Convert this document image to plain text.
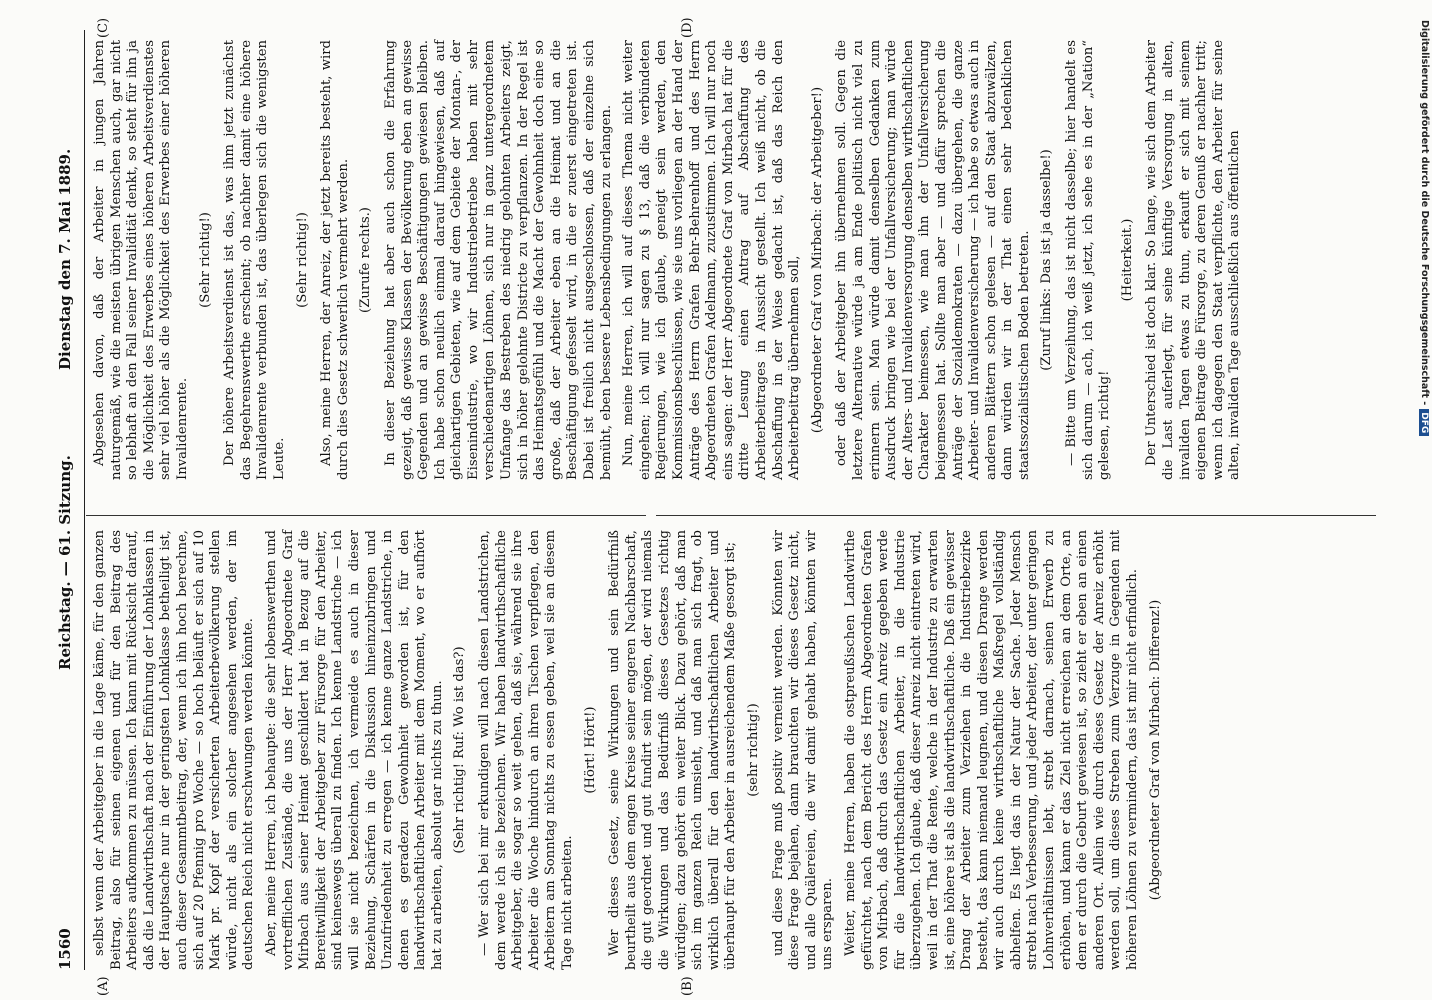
1560
Reichstag. — 61. Sitzung.
Dienstag den 7. Mai 1889.
(A)	(B)
(C)	(D)

selbst wenn der Arbeitgeber in die Lage käme, für den ganzen Beitrag, also für seinen eigenen und für den Beitrag des Arbeiters aufkommen zu müssen. Ich kann mit Rücksicht darauf, daß die Landwirthschaft nach der Einführung der Lohnklassen in der Hauptsache nur in der geringsten Lohnklasse betheiligt ist, auch dieser Gesammtbeitrag, der, wenn ich ihn hoch berechne, sich auf 20 Pfennig pro Woche — so hoch beläuft er sich auf 10 Mark pr. Kopf der versicherten Arbeiterbevölkerung stellen würde, nicht als ein solcher angesehen werden, der im deutschen Reich nicht erschwungen werden könnte. Aber, meine Herren, ich behaupte: die sehr lobenswerthen und vortrefflichen Zustände, die uns der Herr Abgeordnete Graf Mirbach aus seiner Heimat geschildert hat in Bezug auf die Bereitwilligkeit der Arbeitgeber zur Fürsorge für den Arbeiter, sind keineswegs überall zu finden. Ich kenne Landstriche — ich will sie nicht bezeichnen, ich vermeide es auch in dieser Beziehung, Schärfen in die Diskussion hineinzubringen und Unzufriedenheit zu erregen — ich kenne ganze Landstriche, in denen es geradezu Gewohnheit geworden ist, für den landwirthschaftlichen Arbeiter mit dem Moment, wo er aufhört hat zu arbeiten, absolut gar nichts zu thun. (Sehr richtig! Ruf: Wo ist das?) — Wer sich bei mir erkundigen will nach diesen Landstrichen, dem werde ich sie bezeichnen. Wir haben landwirthschaftliche Arbeitgeber, die sogar so weit gehen, daß sie, während sie ihre Arbeiter die Woche hindurch an ihren Tischen verpflegen, den Arbeitern am Sonntag nichts zu essen geben, weil sie an diesem Tage nicht arbeiten.

(Hört! Hört!) Wer dieses Gesetz, seine Wirkungen und sein Bedürfniß beurtheilt aus dem engen Kreise seiner engeren Nachbarschaft, die gut geordnet und gut fundirt sein mögen, der wird niemals die Wirkungen und das Bedürfniß dieses Gesetzes richtig würdigen; dazu gehört ein weiter Blick. Dazu gehört, daß man sich im ganzen Reich umsieht, und daß man sich fragt, ob wirklich überall für den landwirthschaftlichen Arbeiter und überhaupt für den Arbeiter in ausreichendem Maße gesorgt ist; (sehr richtig!) und diese Frage muß positiv verneint werden. Könnten wir diese Frage bejahen, dann brauchten wir dieses Gesetz nicht, und alle Quälereien, die wir damit gehabt haben, könnten wir uns ersparen. Weiter, meine Herren, haben die ostpreußischen Landwirthe gefürchtet, nach dem Bericht des Herrn Abgeordneten Grafen von Mirbach, daß durch das Gesetz ein Anreiz gegeben werde für die landwirthschaftlichen Arbeiter, in die Industrie überzugehen. Ich glaube, daß dieser Anreiz nicht eintreten wird, weil in der That die Rente, welche in der Industrie zu erwarten ist, eine höhere ist als die landwirthschaftliche. Daß ein gewisser Drang der Arbeiter zum Verziehen in die Industriebezirke besteht, das kann niemand leugnen, und diesen Drange werden wir auch durch keine wirthschaftliche Maßregel vollständig abhelfen. Es liegt das in der Natur der Sache. Jeder Mensch strebt nach Verbesserung, und jeder Arbeiter, der unter geringen Lohnverhältnissen lebt, strebt darnach, seinen Erwerb zu erhöhen, und kann er das Ziel nicht erreichen an dem Orte, an dem er durch die Geburt gewiesen ist, so zieht er eben an einen anderen Ort. Allein wie durch dieses Gesetz der Anreiz erhöht werden soll, um dieses Streben zum Verzuge in Gegenden mit höheren Löhnen zu vermindern, das ist mir nicht erfindlich. (Abgeordneter Graf von Mirbach: Differenz!)

Abgesehen davon, daß der Arbeiter in jungen Jahren naturgemäß, wie die meisten übrigen Menschen auch, gar nicht so lebhaft an den Fall seiner Invalidität denkt, so steht für ihn ja die Möglichkeit des Erwerbes eines höheren Arbeitsverdienstes sehr viel höher als die Möglichkeit des Erwerbes einer höheren Invalidenrente.

(Sehr richtig!) Der höhere Arbeitsverdienst ist das, was ihm jetzt zunächst das Begehrenswerthe erscheint; ob nachher damit eine höhere Invalidenrente verbunden ist, das überlegen sich die wenigsten Leute.

(Sehr richtig!) Also, meine Herren, der Anreiz, der jetzt bereits besteht, wird durch dies Gesetz schwerlich vermehrt werden. (Zurufe rechts.) In dieser Beziehung hat aber auch schon die Erfahrung gezeigt, daß gewisse Klassen der Bevölkerung eben an gewisse Gegenden und an gewisse Beschäftigungen gewiesen bleiben. Ich habe schon neulich einmal darauf hingewiesen, daß auf gleichartigen Gebieten, wie auf dem Gebiete der Montan-, der Eisenindustrie, wo wir Industriebetriebe haben mit sehr verschiedenartigen Löhnen, sich nur in ganz untergeordnetem Umfange das Bestreben des niedrig gelohnten Arbeiters zeigt, sich in höher gelohnte Districte zu verpflanzen. In der Regel ist das Heimatsgefühl und die Macht der Gewohnheit doch eine so große, daß der Arbeiter eben an die Heimat und an die Beschäftigung gefesselt wird, in die er zuerst eingetreten ist. Dabei ist freilich nicht ausgeschlossen, daß der einzelne sich bemüht, eben bessere Lebensbedingungen zu erlangen. Nun, meine Herren, ich will auf dieses Thema nicht weiter eingehen; ich will nur sagen zu § 13, daß die verbündeten Regierungen, wie ich glaube, geneigt sein werden, den Kommissionsbeschlüssen, wie sie uns vorliegen an der Hand der Anträge des Herrn Grafen Behr-Behrenhoff und des Herrn Abgeordneten Grafen Adelmann, zuzustimmen. Ich will nur noch eins sagen: der Herr Abgeordnete Graf von Mirbach hat für die dritte Lesung einen Antrag auf Abschaffung des Arbeiterbeitrages in Aussicht gestellt. Ich weiß nicht, ob die Abschaffung in der Weise gedacht ist, daß das Reich den Arbeiterbeitrag übernehmen soll, (Abgeordneter Graf von Mirbach: der Arbeitgeber!) oder daß der Arbeitgeber ihn übernehmen soll. Gegen die letztere Alternative würde ja am Ende politisch nicht viel zu erinnern sein. Man würde damit denselben Gedanken zum Ausdruck bringen wie bei der Unfallversicherung; man würde der Alters- und Invalidenversorgung denselben wirthschaftlichen Charakter beimessen, wie man ihn der Unfallversicherung beigemessen hat. Sollte man aber — und dafür sprechen die Anträge der Sozialdemokraten — dazu übergehen, die ganze Arbeiter- und Invalidenversicherung — ich habe so etwas auch in anderen Blättern schon gelesen — auf den Staat abzuwälzen, dann würden wir in der That einen sehr bedenklichen staatssozialistischen Boden betreten. (Zuruf links: Das ist ja dasselbe!) — Bitte um Verzeihung, das ist nicht dasselbe; hier handelt es sich darum — ach, ich weiß jetzt, ich sehe es in der „Nation“ gelesen, richtig!

(Heiterkeit.) Der Unterschied ist doch klar. So lange, wie sich dem Arbeiter die Last auferlegt, für seine künftige Versorgung in alten, invaliden Tagen etwas zu thun, erkauft er sich mit seinem eigenen Beitrage die Fürsorge, zu deren Genuß er nachher tritt; wenn ich dagegen den Staat verpflichte, den Arbeiter für seine alten, invaliden Tage ausschließlich aus öffentlichen	Digitalisierung gefördert durch die Deutsche Forschungsgemeinschaft -DFG
